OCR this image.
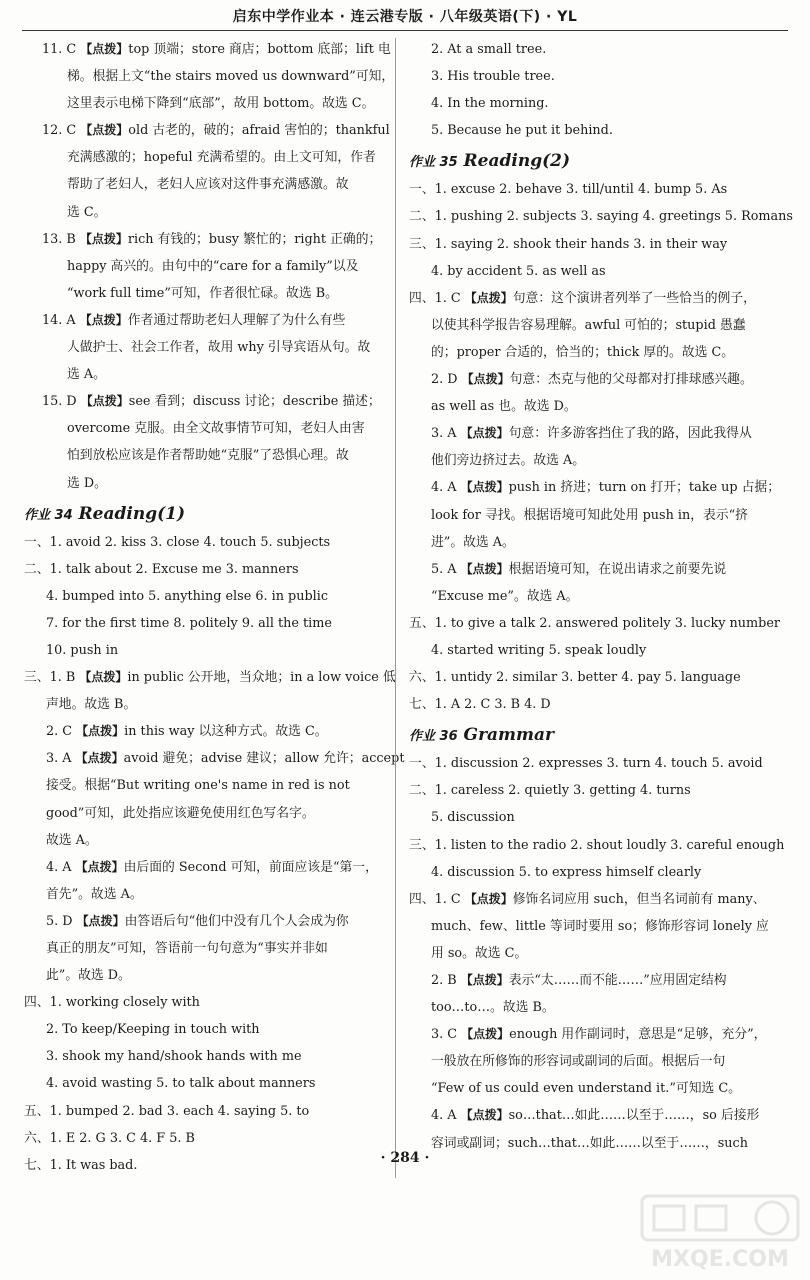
启东中学作业本 · 连云港专版 · 八年级英语(下) · YL
11. C 【点拨】top 顶端；store 商店；bottom 底部；lift 电
梯。根据上文“the stairs moved us downward”可知，
这里表示电梯下降到“底部”，故用 bottom。故选 C。
12. C 【点拨】old 古老的，破的；afraid 害怕的；thankful
充满感激的；hopeful 充满希望的。由上文可知，作者
帮助了老妇人，老妇人应该对这件事充满感激。故
选 C。
13. B 【点拨】rich 有钱的；busy 繁忙的；right 正确的；
happy 高兴的。由句中的“care for a family”以及
“work full time”可知，作者很忙碌。故选 B。
14. A 【点拨】作者通过帮助老妇人理解了为什么有些
人做护士、社会工作者，故用 why 引导宾语从句。故
选 A。
15. D 【点拨】see 看到；discuss 讨论；describe 描述；
overcome 克服。由全文故事情节可知，老妇人由害
怕到放松应该是作者帮助她“克服”了恐惧心理。故
选 D。
作业 34 Reading(1)
一、1. avoid 2. kiss 3. close 4. touch 5. subjects
二、1. talk about 2. Excuse me 3. manners
4. bumped into 5. anything else 6. in public
7. for the first time 8. politely 9. all the time
10. push in
三、1. B 【点拨】in public 公开地，当众地；in a low voice 低
声地。故选 B。
2. C 【点拨】in this way 以这种方式。故选 C。
3. A 【点拨】avoid 避免；advise 建议；allow 允许；accept
接受。根据“But writing one's name in red is not
good”可知，此处指应该避免使用红色写名字。
故选 A。
4. A 【点拨】由后面的 Second 可知，前面应该是“第一，
首先”。故选 A。
5. D 【点拨】由答语后句“他们中没有几个人会成为你
真正的朋友”可知，答语前一句句意为“事实并非如
此”。故选 D。
四、1. working closely with
2. To keep/Keeping in touch with
3. shook my hand/shook hands with me
4. avoid wasting 5. to talk about manners
五、1. bumped 2. bad 3. each 4. saying 5. to
六、1. E 2. G 3. C 4. F 5. B
七、1. It was bad.
2. At a small tree.
3. His trouble tree.
4. In the morning.
5. Because he put it behind.
作业 35 Reading(2)
一、1. excuse 2. behave 3. till/until 4. bump 5. As
二、1. pushing 2. subjects 3. saying 4. greetings 5. Romans
三、1. saying 2. shook their hands 3. in their way
4. by accident 5. as well as
四、1. C 【点拨】句意：这个演讲者列举了一些恰当的例子，
以使其科学报告容易理解。awful 可怕的；stupid 愚蠢
的；proper 合适的，恰当的；thick 厚的。故选 C。
2. D 【点拨】句意：杰克与他的父母都对打排球感兴趣。
as well as 也。故选 D。
3. A 【点拨】句意：许多游客挡住了我的路，因此我得从
他们旁边挤过去。故选 A。
4. A 【点拨】push in 挤进；turn on 打开；take up 占据；
look for 寻找。根据语境可知此处用 push in，表示“挤
进”。故选 A。
5. A 【点拨】根据语境可知，在说出请求之前要先说
“Excuse me”。故选 A。
五、1. to give a talk 2. answered politely 3. lucky number
4. started writing 5. speak loudly
六、1. untidy 2. similar 3. better 4. pay 5. language
七、1. A 2. C 3. B 4. D
作业 36 Grammar
一、1. discussion 2. expresses 3. turn 4. touch 5. avoid
二、1. careless 2. quietly 3. getting 4. turns
5. discussion
三、1. listen to the radio 2. shout loudly 3. careful enough
4. discussion 5. to express himself clearly
四、1. C 【点拨】修饰名词应用 such，但当名词前有 many、
much、few、little 等词时要用 so；修饰形容词 lonely 应
用 so。故选 C。
2. B 【点拨】表示“太……而不能……”应用固定结构
too…to…。故选 B。
3. C 【点拨】enough 用作副词时，意思是“足够，充分”，
一般放在所修饰的形容词或副词的后面。根据后一句
“Few of us could even understand it.”可知选 C。
4. A 【点拨】so…that…如此……以至于……，so 后接形
容词或副词；such…that…如此……以至于……，such
· 284 ·
MXQE.COM
